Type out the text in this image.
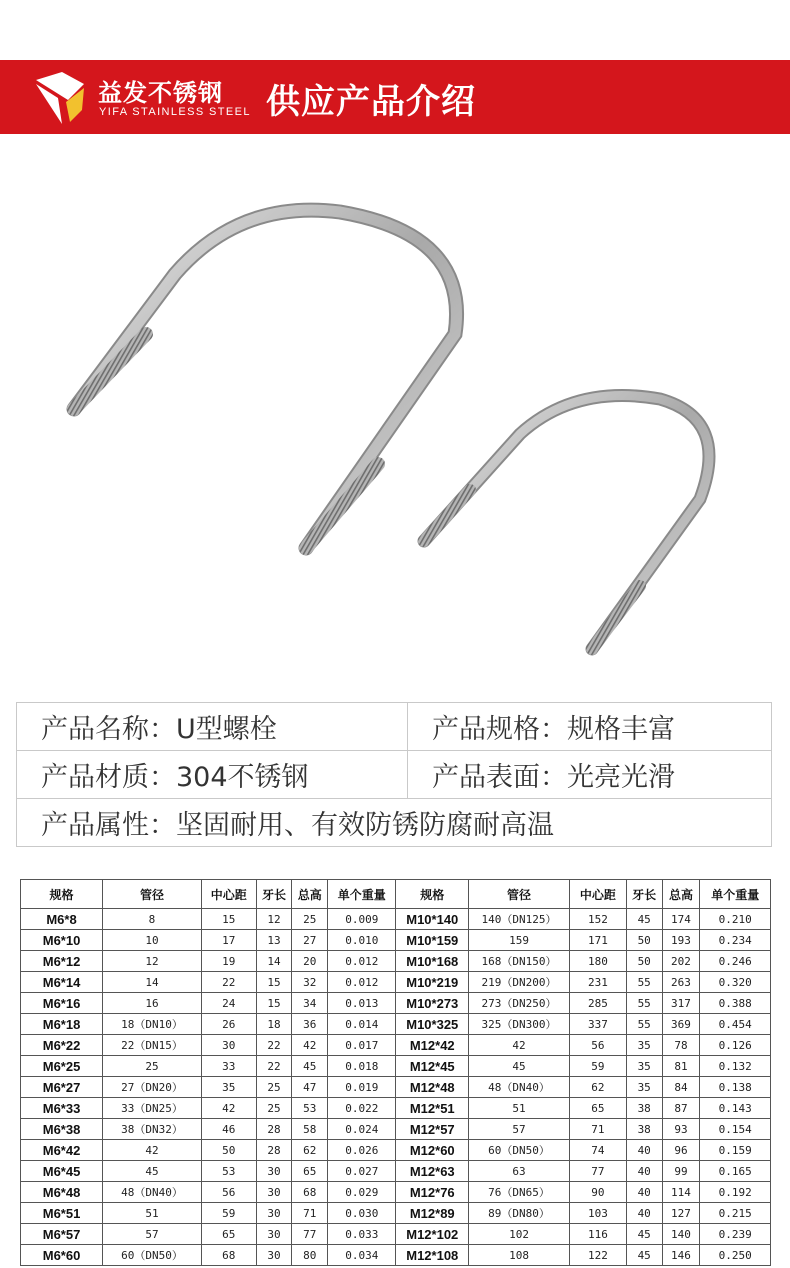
益发不锈钢
YIFA STAINLESS STEEL 供应产品介绍
产品名称：U型螺栓	产品规格：规格丰富
产品材质：304不锈钢	产品表面：光亮光滑
产品属性：坚固耐用、有效防锈防腐耐高温	
规格	管径	中心距	牙长	总高	单个重量	规格	管径	中心距	牙长	总高	单个重量
M6*8	8	15	12	25	0.009	M10*140	140（DN125）	152	45	174	0.210
M6*10	10	17	13	27	0.010	M10*159	159	171	50	193	0.234
M6*12	12	19	14	20	0.012	M10*168	168（DN150）	180	50	202	0.246
M6*14	14	22	15	32	0.012	M10*219	219（DN200）	231	55	263	0.320
M6*16	16	24	15	34	0.013	M10*273	273（DN250）	285	55	317	0.388
M6*18	18（DN10）	26	18	36	0.014	M10*325	325（DN300）	337	55	369	0.454
M6*22	22（DN15）	30	22	42	0.017	M12*42	42	56	35	78	0.126
M6*25	25	33	22	45	0.018	M12*45	45	59	35	81	0.132
M6*27	27（DN20）	35	25	47	0.019	M12*48	48（DN40）	62	35	84	0.138
M6*33	33（DN25）	42	25	53	0.022	M12*51	51	65	38	87	0.143
M6*38	38（DN32）	46	28	58	0.024	M12*57	57	71	38	93	0.154
M6*42	42	50	28	62	0.026	M12*60	60（DN50）	74	40	96	0.159
M6*45	45	53	30	65	0.027	M12*63	63	77	40	99	0.165
M6*48	48（DN40）	56	30	68	0.029	M12*76	76（DN65）	90	40	114	0.192
M6*51	51	59	30	71	0.030	M12*89	89（DN80）	103	40	127	0.215
M6*57	57	65	30	77	0.033	M12*102	102	116	45	140	0.239
M6*60	60（DN50）	68	30	80	0.034	M12*108	108	122	45	146	0.250
